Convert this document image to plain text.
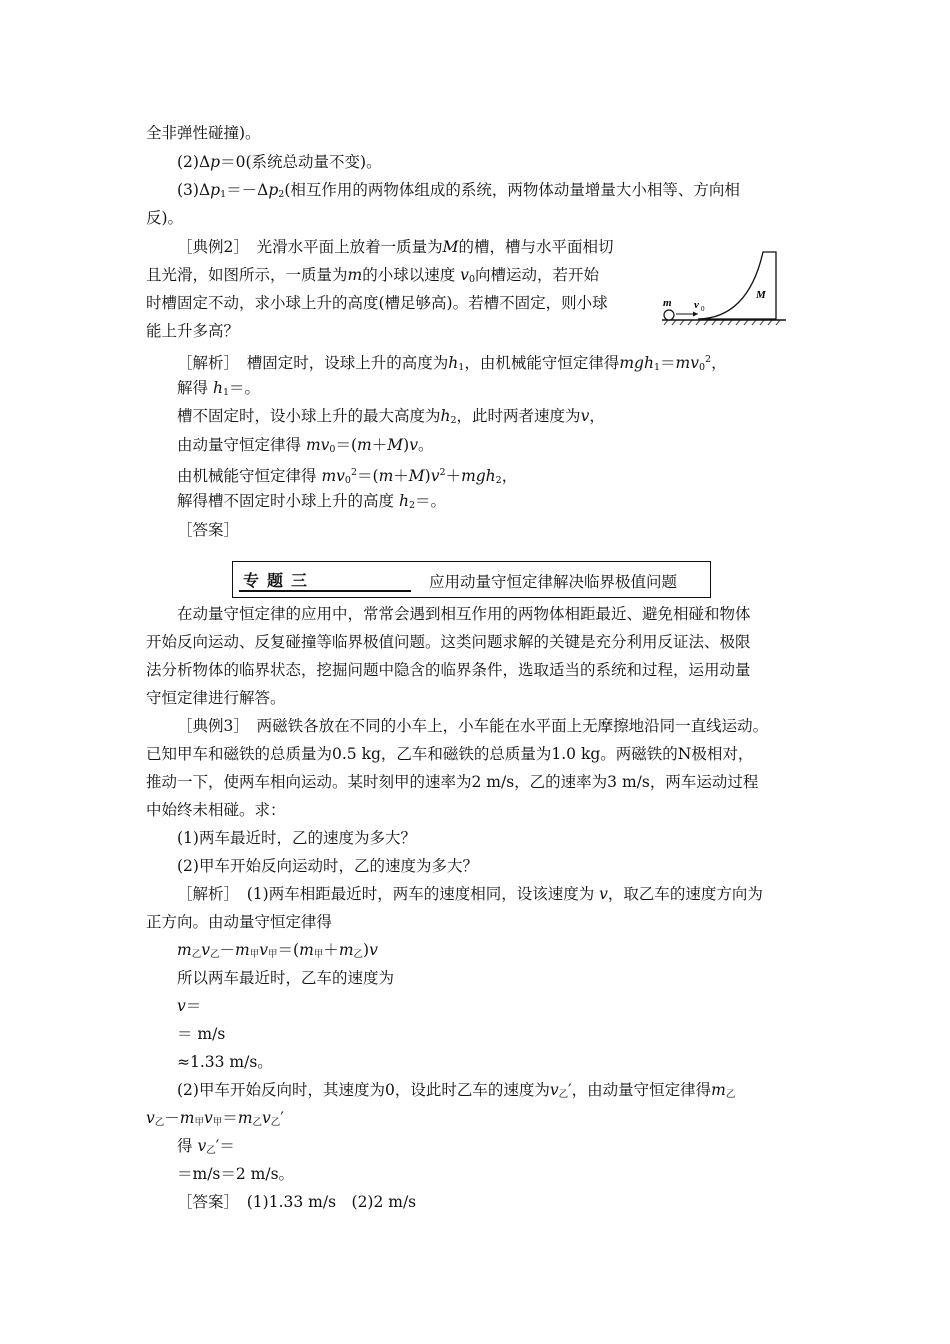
全非弹性碰撞)。
(2)Δp＝0(系统总动量不变)。
$(3)\Delta p_1=-\Delta p_2$(相互作用的两物体组成的系统，两物体动量增量大小相等、方向相
反)。
［典例2］　 光滑水平面上放着一质量为M的槽，槽与水平面相切
且光滑，如图所示，一质量为m的小球以速度 $v_0$向槽运动，若开始
时槽固定不动，求小球上升的高度(槽足够高)。若槽不固定，则小球
能上升多高？
m v 0
M
［解析］　 槽固定时，设球上升的高度为$h_1$，由机械能守恒定律得$mgh_1=mv_0^2$，
解得 $h_1=$。
槽不固定时，设小球上升的最大高度为$h_2$，此时两者速度为v，
由动量守恒定律得 $mv_0=(m+M)v$。
由机械能守恒定律得 $mv_0^2=(m+M)v^2+mgh_2$，
解得槽不固定时小球上升的高度 $h_2=$。
［答案］
专题三	应用动量守恒定律解决临界极值问题
在动量守恒定律的应用中，常常会遇到相互作用的两物体相距最近、避免相碰和物体
开始反向运动、反复碰撞等临界极值问题。这类问题求解的关键是充分利用反证法、极限
法分析物体的临界状态，挖掘问题中隐含的临界条件，选取适当的系统和过程，运用动量
守恒定律进行解答。
［典例3］　两磁铁各放在不同的小车上，小车能在水平面上无摩擦地沿同一直线运动。
已知甲车和磁铁的总质量为0.5 kg，乙车和磁铁的总质量为1.0 kg。两磁铁的N极相对，
推动一下，使两车相向运动。某时刻甲的速率为2 m/s，乙的速率为3 m/s，两车运动过程
中始终未相碰。求：
(1)两车最近时，乙的速度为多大？
(2)甲车开始反向运动时，乙的速度为多大？
［解析］　(1)两车相距最近时，两车的速度相同，设该速度为 v，取乙车的速度方向为
正方向。由动量守恒定律得
$m_乙v_乙-m_甲v_甲=(m_甲+m_乙)v$
所以两车最近时，乙车的速度为
v＝
＝ m/s
≈1.33 m/s。
(2)甲车开始反向时，其速度为0，设此时乙车的速度为$v_乙'$，由动量守恒定律得$m_乙$
$v_乙-m_甲v_甲=m_乙v_乙'$
得 $v_乙'=$
＝m/s＝2 m/s。
［答案］　(1)1.33 m/s　(2)2 m/s
